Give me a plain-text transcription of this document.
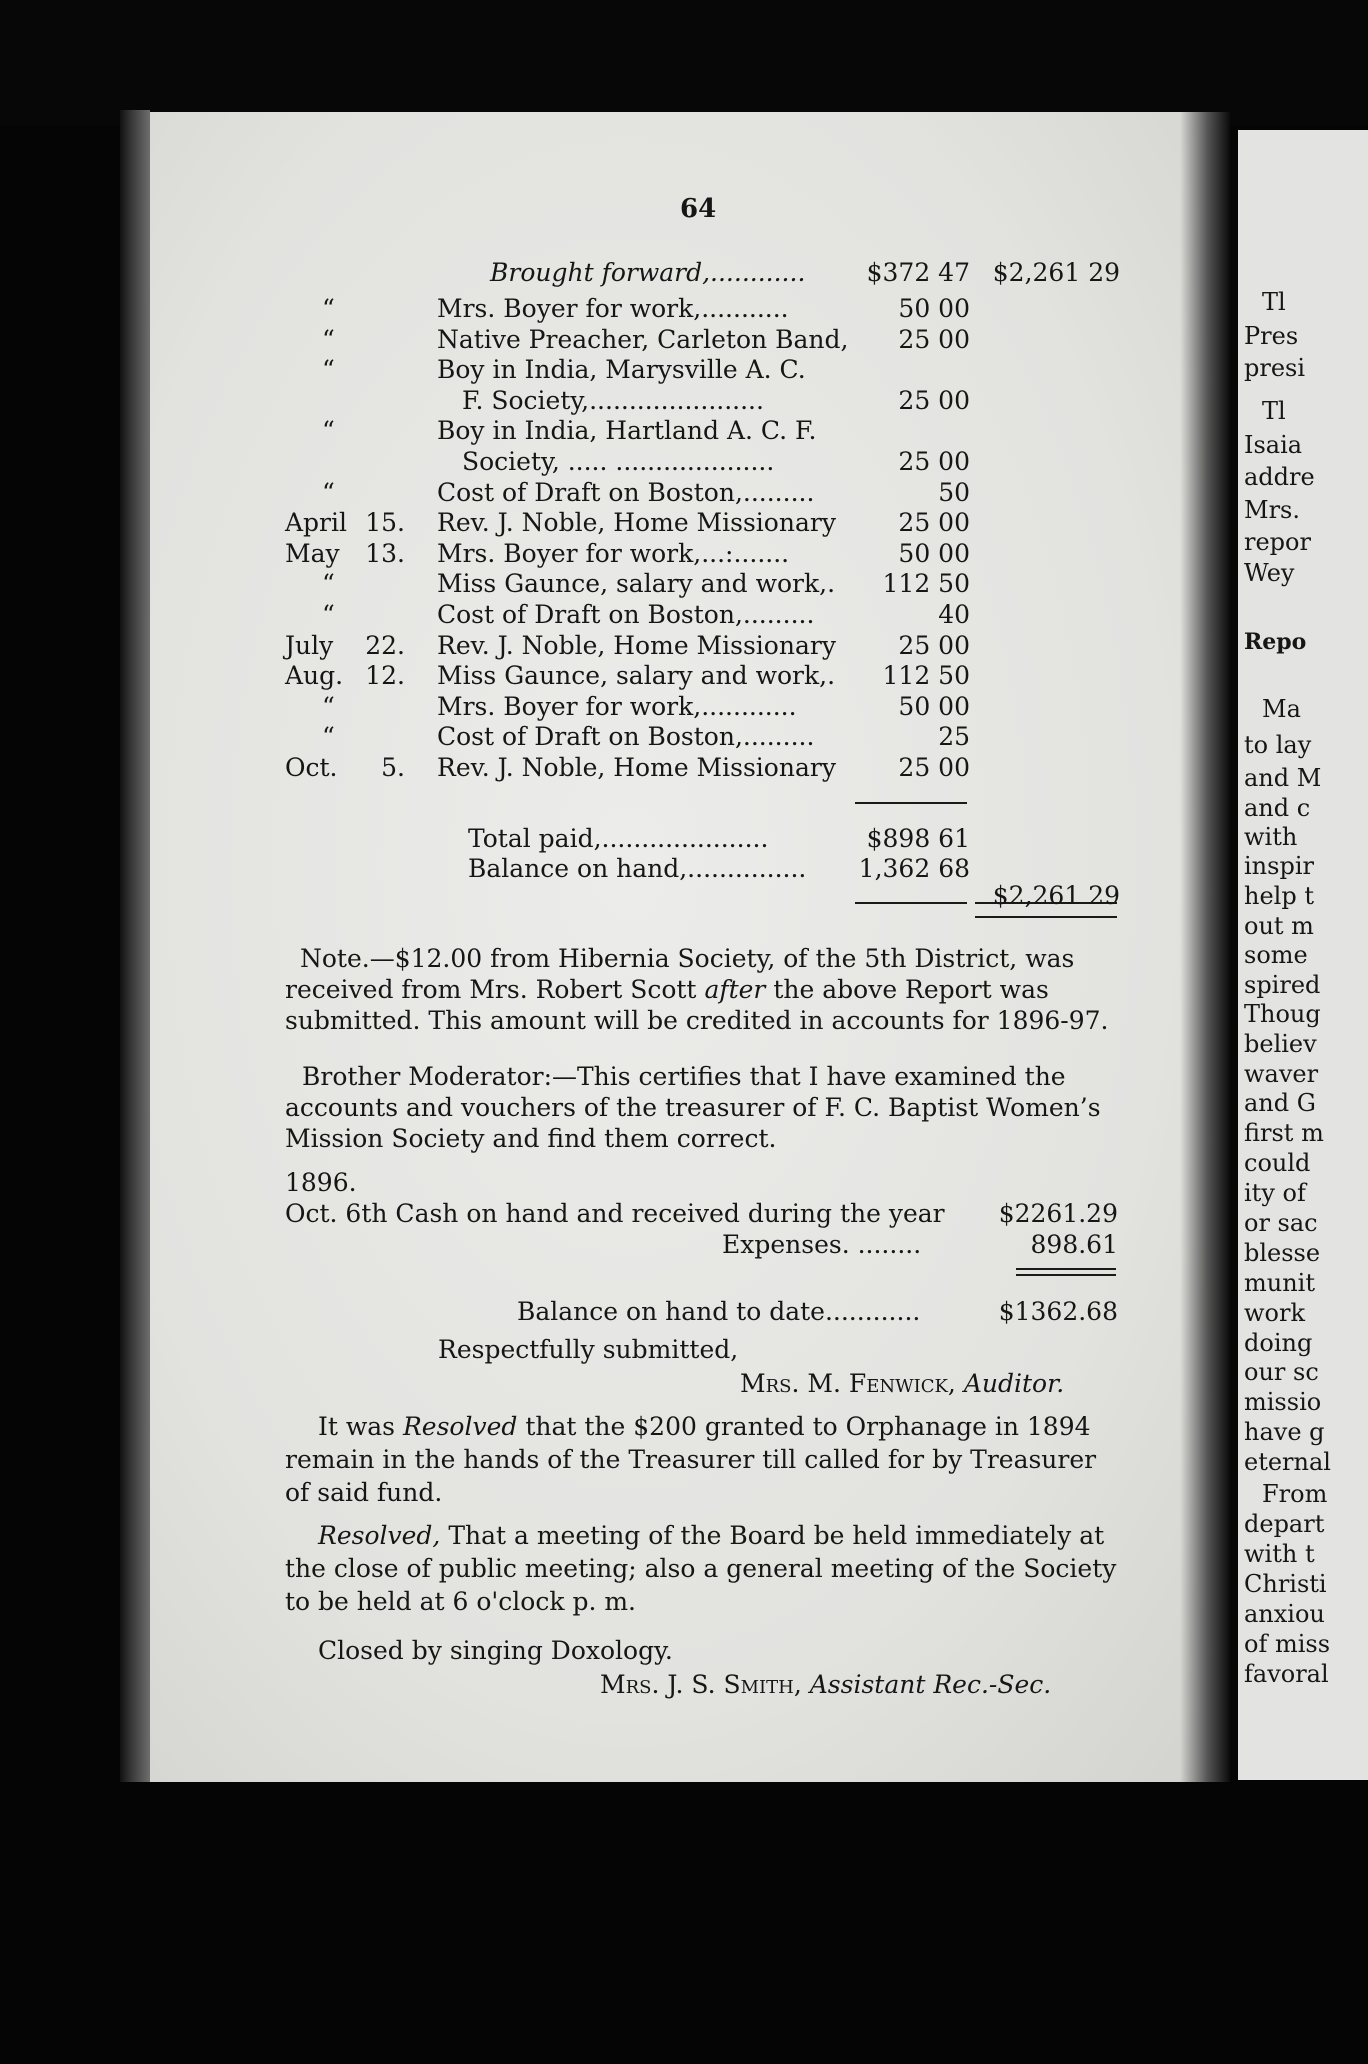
64
Brought forward,............	$372 47 $2,261 29
“	Mrs. Boyer for work,...........	50 00
“	Native Preacher, Carleton Band,	25 00
“	Boy in India, Marysville A. C.
F. Society,......................	25 00
“	Boy in India, Hartland A. C. F.
Society, ..... ....................	25 00
“	Cost of Draft on Boston,.........	50
April 15. Rev. J. Noble, Home Missionary	25 00
May 13. Mrs. Boyer for work,...:.......	50 00
“	Miss Gaunce, salary and work,.	112 50
“	Cost of Draft on Boston,.........	40
July 22. Rev. J. Noble, Home Missionary	25 00
Aug. 12. Miss Gaunce, salary and work,.	112 50
“	Mrs. Boyer for work,............	50 00
“	Cost of Draft on Boston,.........	25
Oct.	5. Rev. J. Noble, Home Missionary	25 00
Total paid,.....................	$898 61
Balance on hand,...............	1,362 68
$2,261 29
Note.—$12.00 from Hibernia Society, of the 5th District, was
received from Mrs. Robert Scott after the above Report was
submitted. This amount will be credited in accounts for 1896-97.
Brother Moderator:—This certifies that I have examined the
accounts and vouchers of the treasurer of F. C. Baptist Women’s
Mission Society and find them correct.
1896.
Oct. 6th Cash on hand and received during the year	$2261.29
Expenses. ........	898.61
Balance on hand to date............	$1362.68
Respectfully submitted,
Mrs. M. Fenwick, Auditor.
It was Resolved that the $200 granted to Orphanage in 1894
remain in the hands of the Treasurer till called for by Treasurer
of said fund.
Resolved, That a meeting of the Board be held immediately at
the close of public meeting; also a general meeting of the Society
to be held at 6 o'clock p. m.
Closed by singing Doxology.
Mrs. J. S. Smith, Assistant Rec.-Sec.
Tl
Pres
presi
Tl
Isaia
addre
Mrs.
repor
Wey
Repo
Ma
to lay
and M
and c
with
inspir
help t
out m
some
spired
Thoug
believ
waver
and G
first m
could
ity of
or sac
blesse
munit
work
doing
our sc
missio
have g
eternal
From
depart
with t
Christi
anxiou
of miss
favoral
